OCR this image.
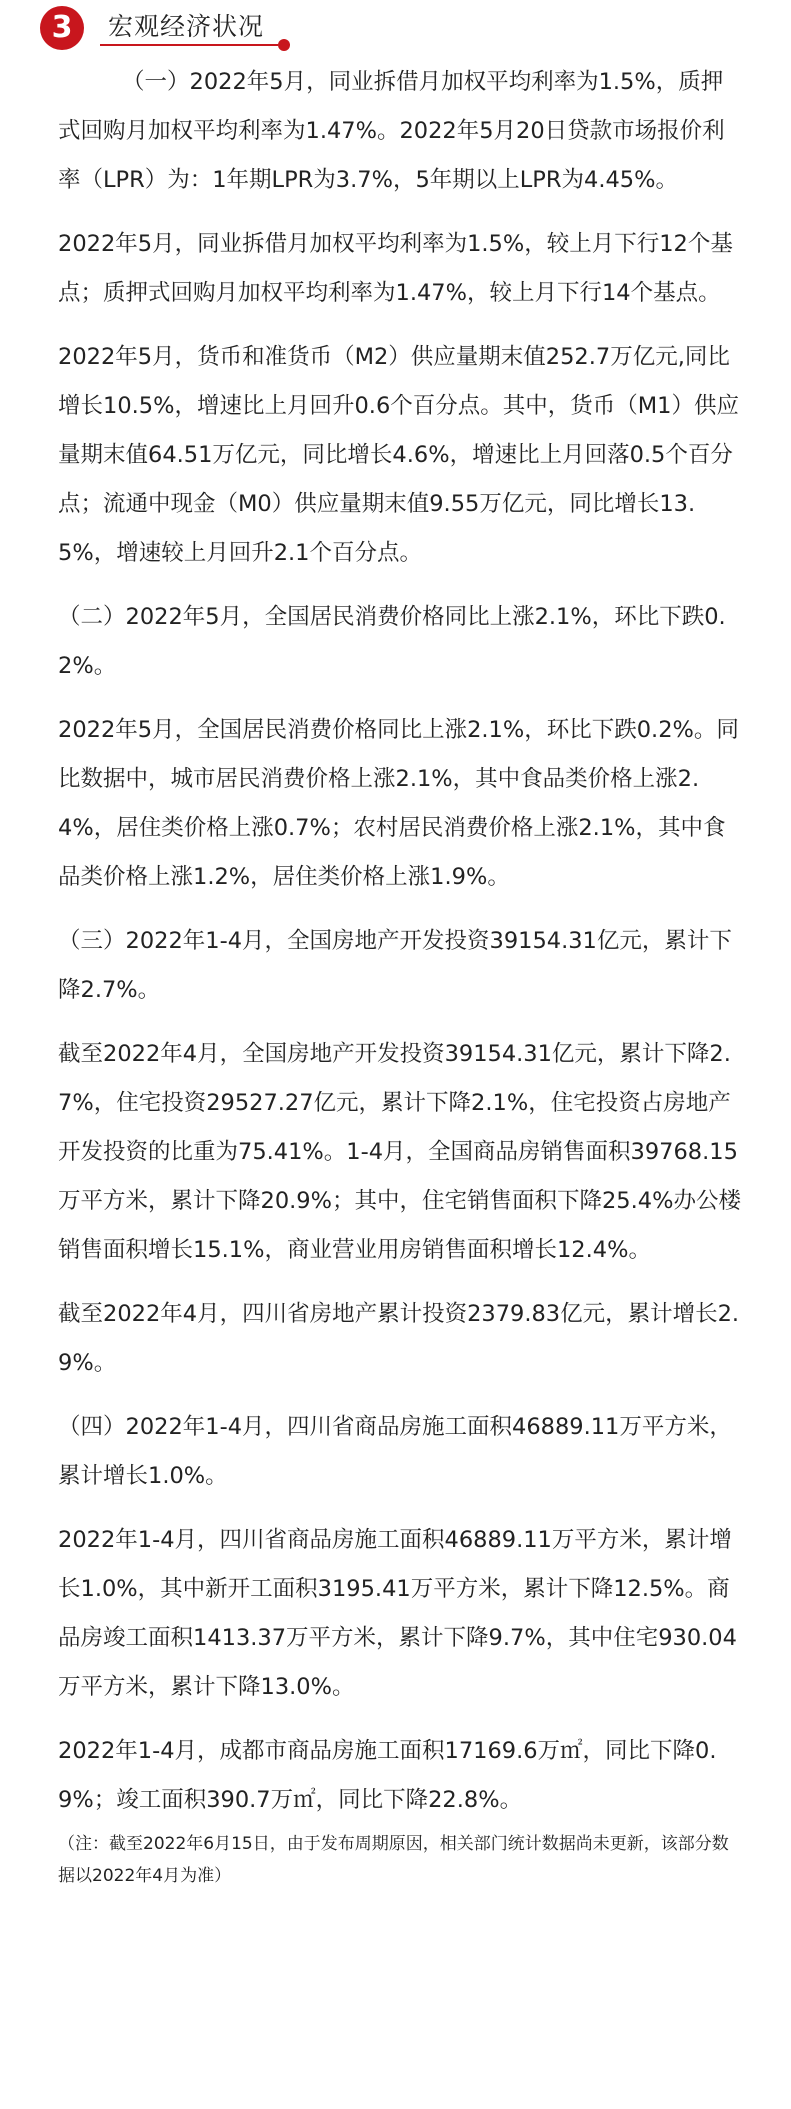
3	宏观经济状况

（一）2022年5月，同业拆借月加权平均利率为1.5%，质押式回购月加权平均利率为1.47%。2022年5月20日贷款市场报价利率（LPR）为：1年期LPR为3.7%，5年期以上LPR为4.45%。

2022年5月，同业拆借月加权平均利率为1.5%，较上月下行12个基点；质押式回购月加权平均利率为1.47%，较上月下行14个基点。

2022年5月，货币和准货币（M2）供应量期末值252.7万亿元,同比增长10.5%，增速比上月回升0.6个百分点。其中，货币（M1）供应量期末值64.51万亿元，同比增长4.6%，增速比上月回落0.5个百分点；流通中现金（M0）供应量期末值9.55万亿元，同比增长13.5%，增速较上月回升2.1个百分点。

（二）2022年5月，全国居民消费价格同比上涨2.1%，环比下跌0.2%。

2022年5月，全国居民消费价格同比上涨2.1%，环比下跌0.2%。同比数据中，城市居民消费价格上涨2.1%，其中食品类价格上涨2.4%，居住类价格上涨0.7%；农村居民消费价格上涨2.1%，其中食品类价格上涨1.2%，居住类价格上涨1.9%。

（三）2022年1-4月，全国房地产开发投资39154.31亿元，累计下降2.7%。

截至2022年4月，全国房地产开发投资39154.31亿元，累计下降2.7%，住宅投资29527.27亿元，累计下降2.1%，住宅投资占房地产开发投资的比重为75.41%。1-4月，全国商品房销售面积39768.15万平方米，累计下降20.9%；其中，住宅销售面积下降25.4%办公楼销售面积增长15.1%，商业营业用房销售面积增长12.4%。

截至2022年4月，四川省房地产累计投资2379.83亿元，累计增长2.9%。

（四）2022年1-4月，四川省商品房施工面积46889.11万平方米，累计增长1.0%。

2022年1-4月，四川省商品房施工面积46889.11万平方米，累计增长1.0%，其中新开工面积3195.41万平方米，累计下降12.5%。商品房竣工面积1413.37万平方米，累计下降9.7%，其中住宅930.04万平方米，累计下降13.0%。

2022年1-4月，成都市商品房施工面积17169.6万㎡，同比下降0.9%；竣工面积390.7万㎡，同比下降22.8%。

（注：截至2022年6月15日，由于发布周期原因，相关部门统计数据尚未更新，该部分数据以2022年4月为准）
